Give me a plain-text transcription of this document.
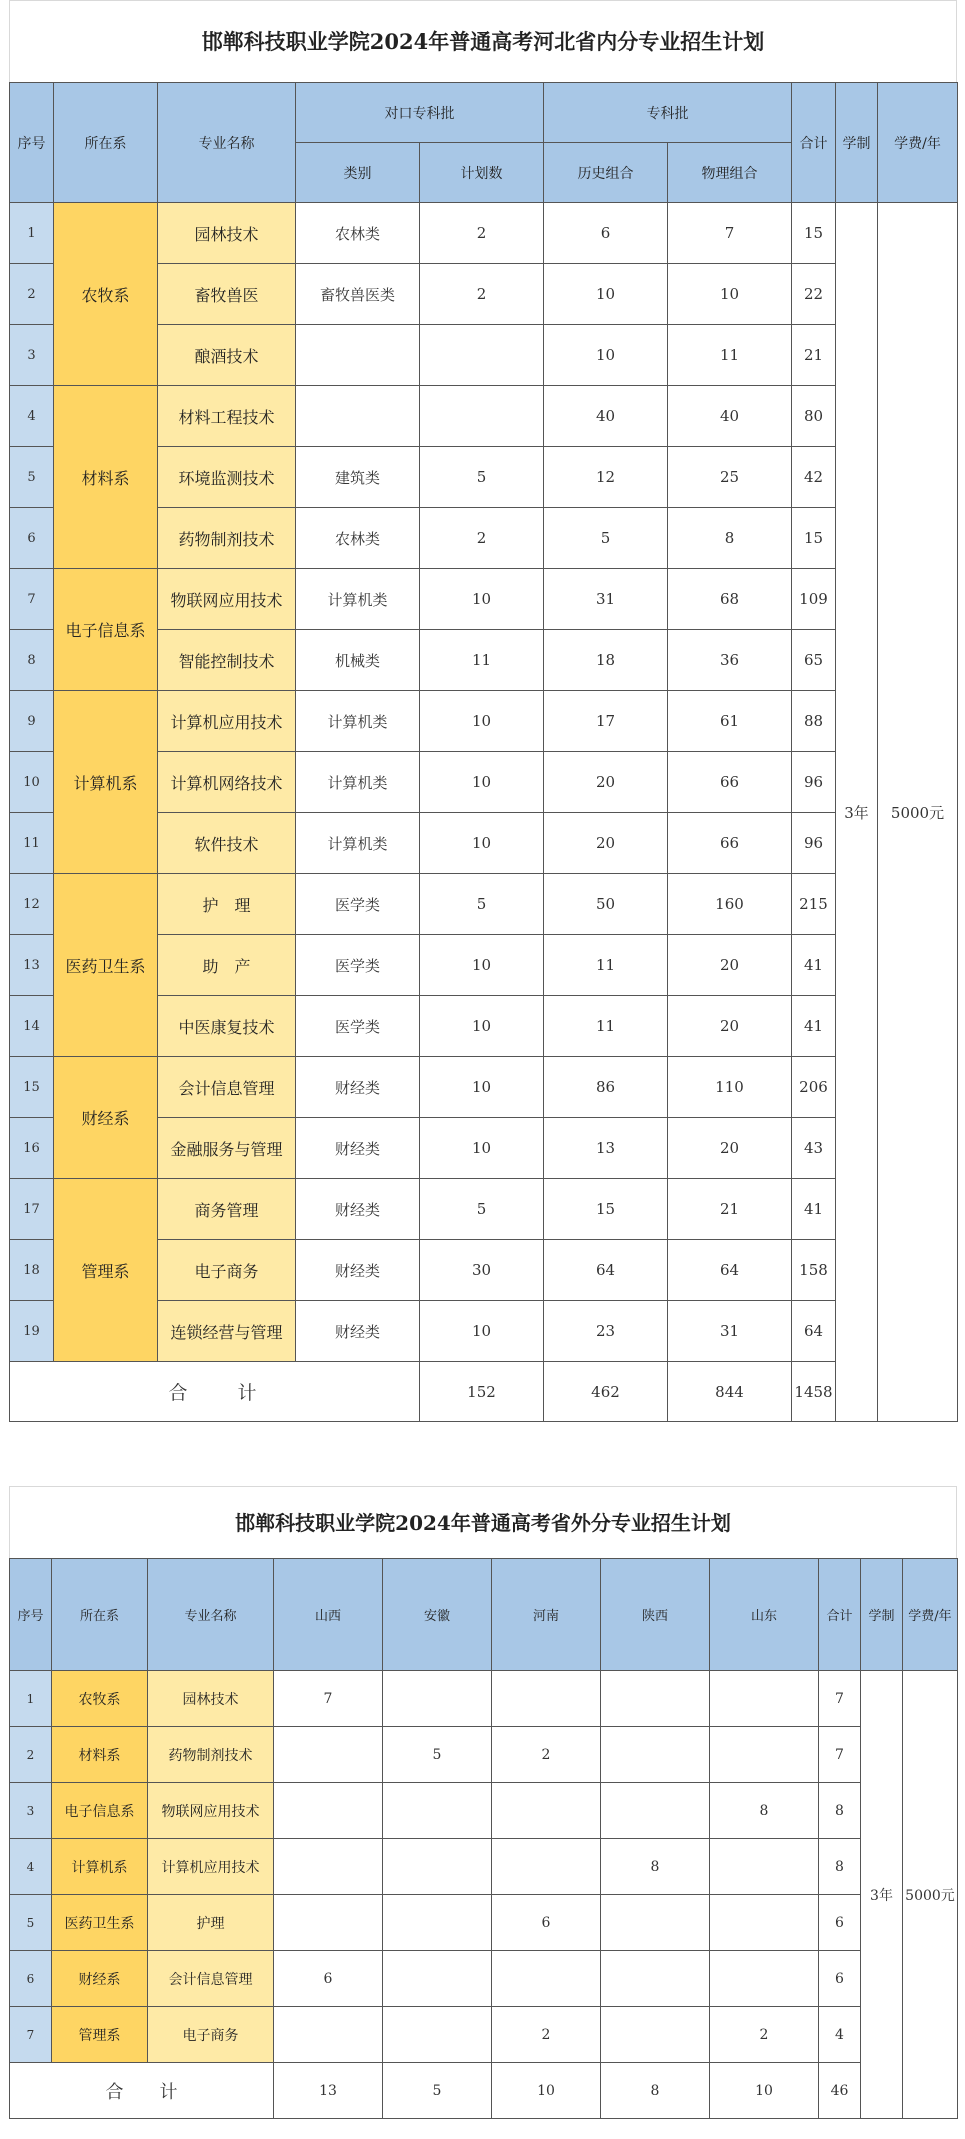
邯郸科技职业学院2024年普通高考河北省内分专业招生计划
序号	所在系	专业名称	对口专科批		专科批		合计	学制	学费/年
			类别	计划数	历史组合	物理组合			
1	农牧系	园林技术	农林类	2	6	7	15	3年	5000元
2		畜牧兽医	畜牧兽医类	2	10	10	22		
3		酿酒技术			10	11	21		
4	材料系	材料工程技术			40	40	80		
5		环境监测技术	建筑类	5	12	25	42		
6		药物制剂技术	农林类	2	5	8	15		
7	电子信息系	物联网应用技术	计算机类	10	31	68	109		
8		智能控制技术	机械类	11	18	36	65		
9	计算机系	计算机应用技术	计算机类	10	17	61	88		
10		计算机网络技术	计算机类	10	20	66	96		
11		软件技术	计算机类	10	20	66	96		
12	医药卫生系	护　理	医学类	5	50	160	215		
13		助　产	医学类	10	11	20	41		
14		中医康复技术	医学类	10	11	20	41		
15	财经系	会计信息管理	财经类	10	86	110	206		
16		金融服务与管理	财经类	10	13	20	43		
17	管理系	商务管理	财经类	5	15	21	41		
18		电子商务	财经类	30	64	64	158		
19		连锁经营与管理	财经类	10	23	31	64		
合　　计				152	462	844	1458		
邯郸科技职业学院2024年普通高考省外分专业招生计划
序号	所在系	专业名称	山西	安徽	河南	陕西	山东	合计	学制	学费/年
1	农牧系	园林技术	7					7	3年	5000元
2	材料系	药物制剂技术		5	2			7		
3	电子信息系	物联网应用技术					8	8		
4	计算机系	计算机应用技术				8		8		
5	医药卫生系	护理			6			6		
6	财经系	会计信息管理	6					6		
7	管理系	电子商务			2		2	4		
合　　计			13	5	10	8	10	46		
